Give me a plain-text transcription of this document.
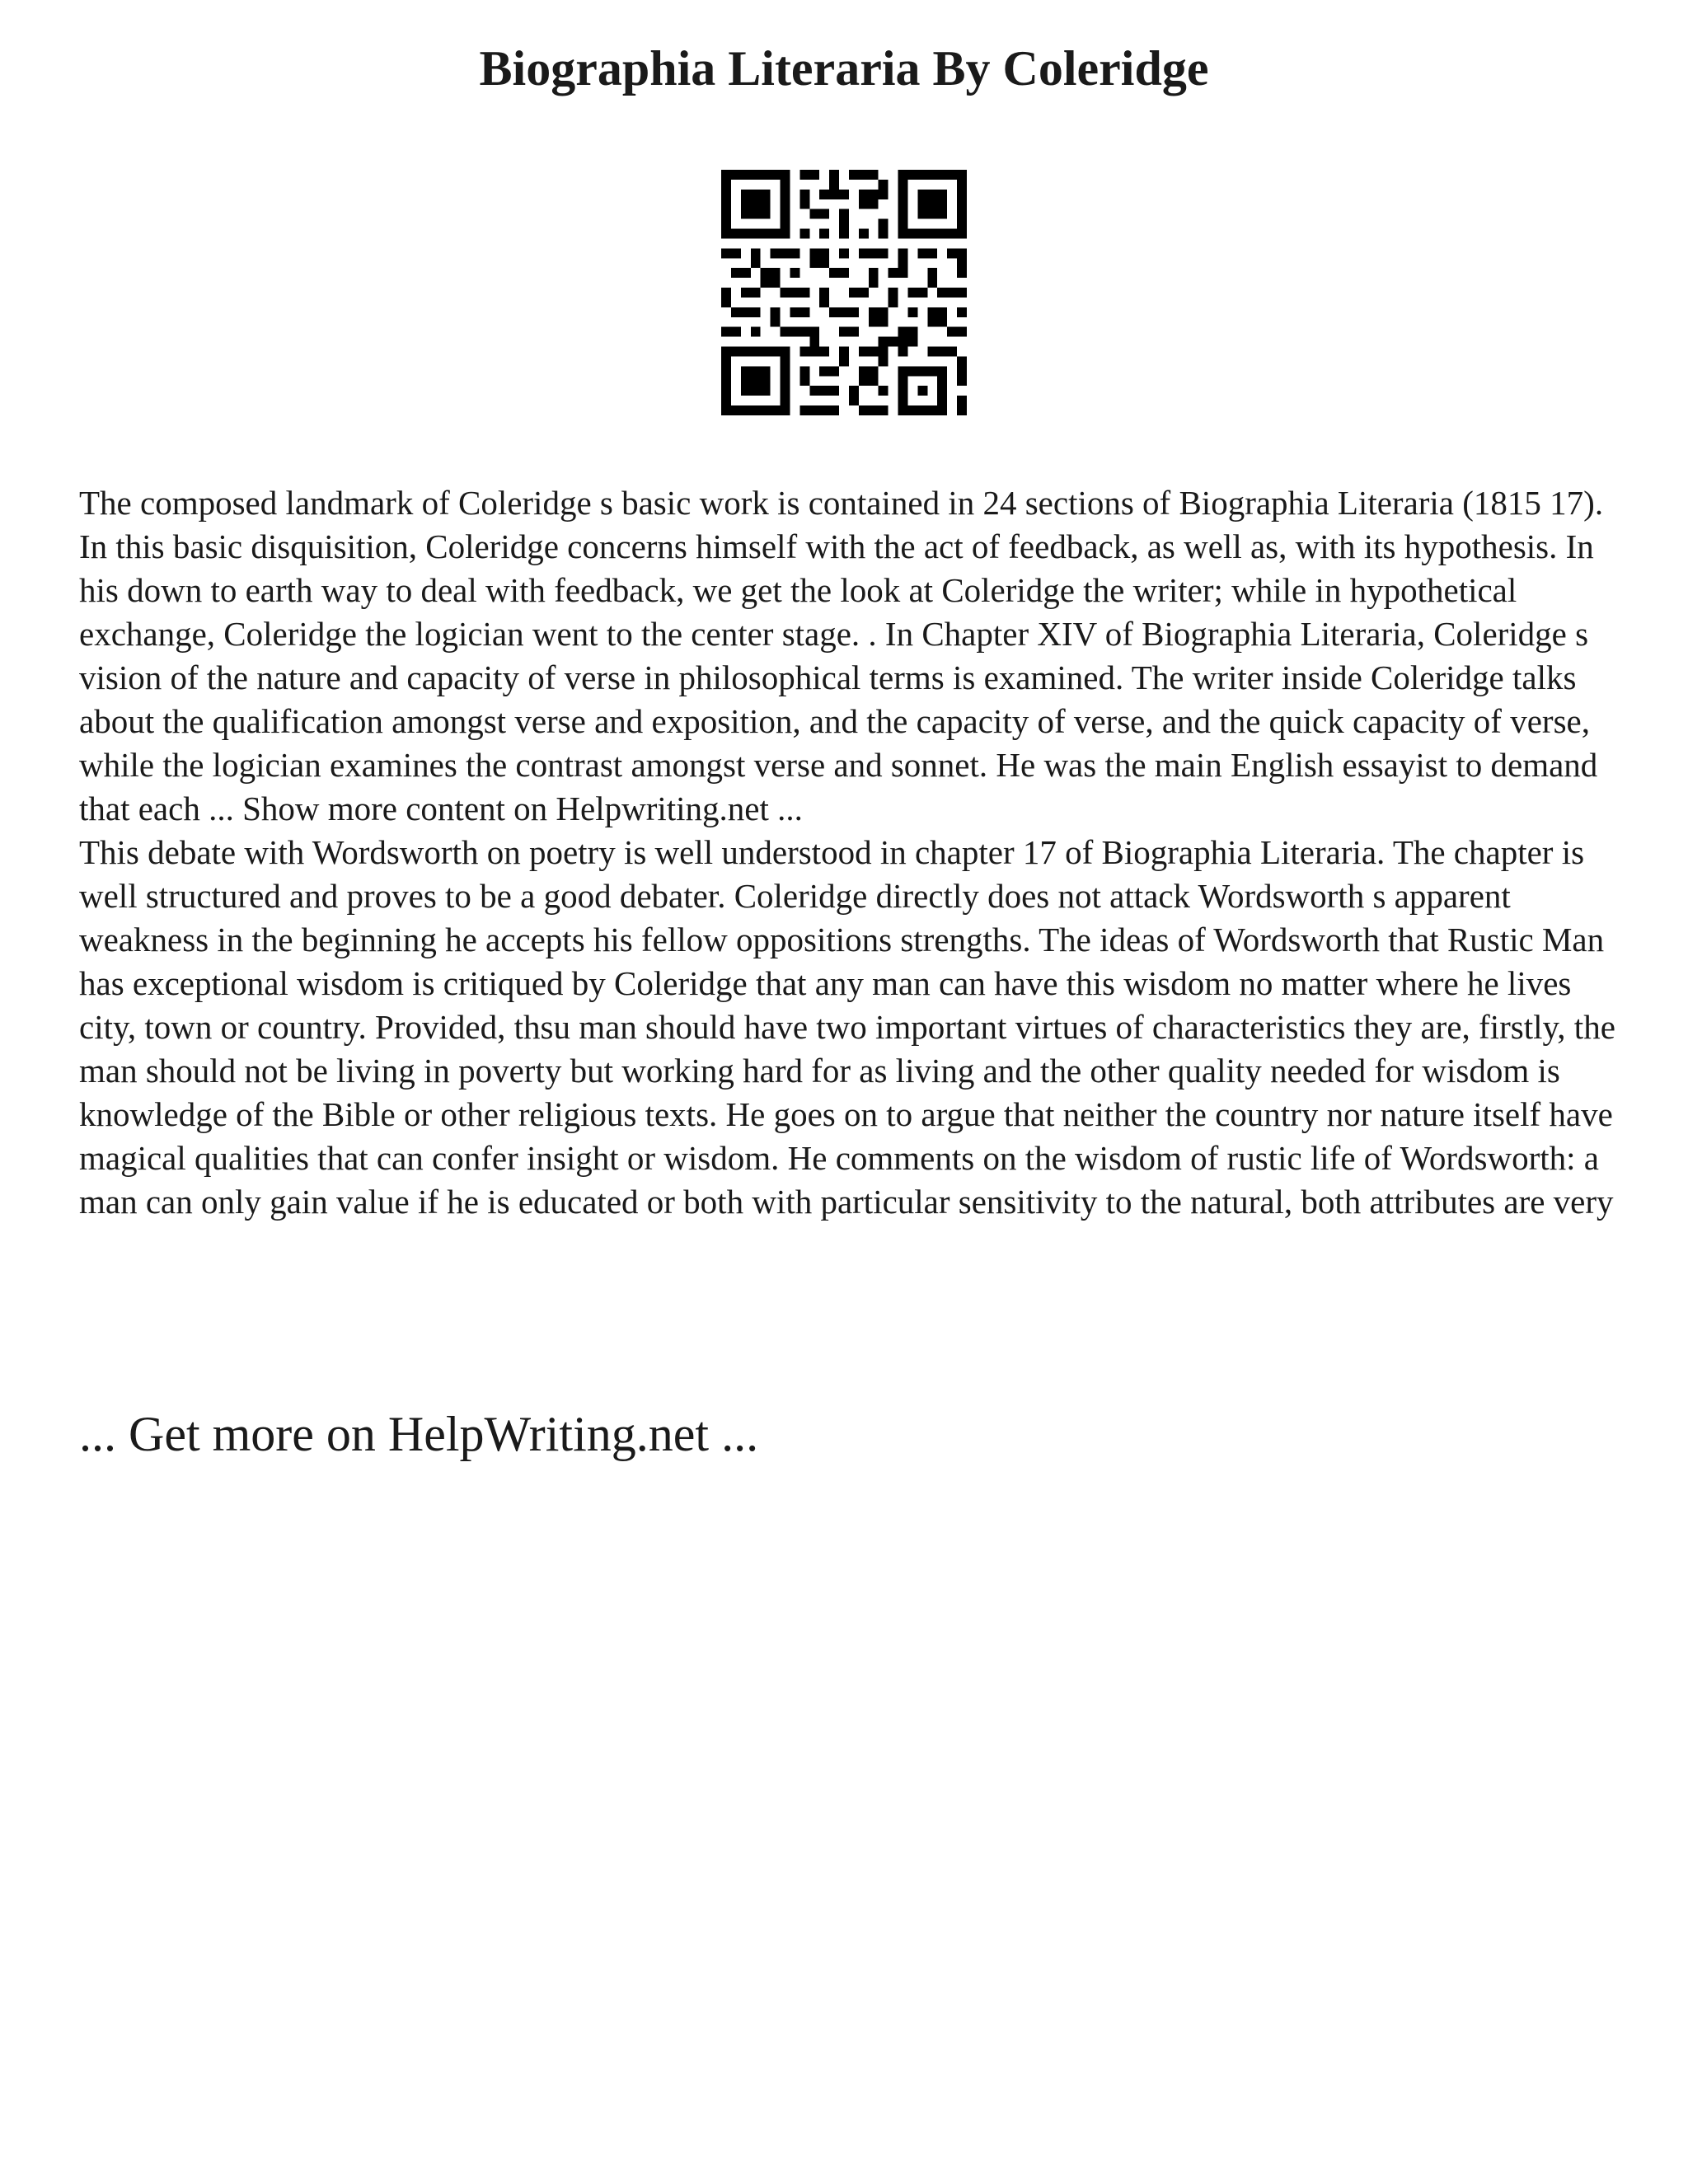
Biographia Literaria By Coleridge

The composed landmark of Coleridge s basic work is contained in 24 sections of Biographia Literaria (1815 17). In this basic disquisition, Coleridge concerns himself with the act of feedback, as well as, with its hypothesis. In his down to earth way to deal with feedback, we get the look at Coleridge the writer; while in hypothetical exchange, Coleridge the logician went to the center stage. . In Chapter XIV of Biographia Literaria, Coleridge s vision of the nature and capacity of verse in philosophical terms is examined. The writer inside Coleridge talks about the qualification amongst verse and exposition, and the capacity of verse, and the quick capacity of verse, while the logician examines the contrast amongst verse and sonnet. He was the main English essayist to demand that each ... Show more content on Helpwriting.net ...

This debate with Wordsworth on poetry is well understood in chapter 17 of Biographia Literaria. The chapter is well structured and proves to be a good debater. Coleridge directly does not attack Wordsworth s apparent weakness in the beginning he accepts his fellow oppositions strengths. The ideas of Wordsworth that Rustic Man has exceptional wisdom is critiqued by Coleridge that any man can have this wisdom no matter where he lives city, town or country. Provided, thsu man should have two important virtues of characteristics they are, firstly, the man should not be living in poverty but working hard for as living and the other quality needed for wisdom is knowledge of the Bible or other religious texts. He goes on to argue that neither the country nor nature itself have magical qualities that can confer insight or wisdom. He comments on the wisdom of rustic life of Wordsworth: a man can only gain value if he is educated or both with particular sensitivity to the natural, both attributes are very

... Get more on HelpWriting.net ...
